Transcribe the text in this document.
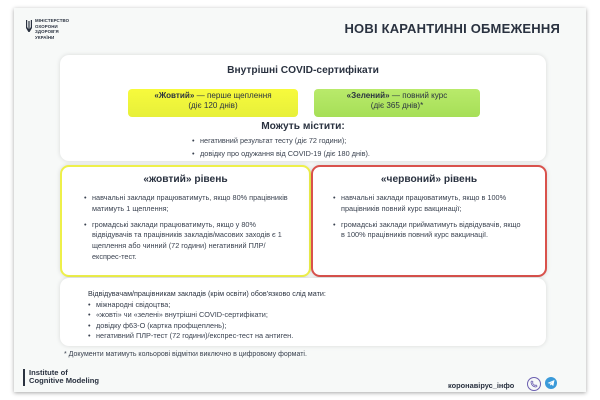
МІНІСТЕРСТВО
ОХОРОНИ
ЗДОРОВ'Я
УКРАЇНИ
НОВІ КАРАНТИННІ ОБМЕЖЕННЯ
Внутрішні COVID-сертифікати
«Жовтий» — перше щеплення
(діє 120 днів)
«Зелений» — повний курс
(діє 365 днів)*
Можуть містити:
• негативний результат тесту (діє 72 години);
• довідку про одужання від COVID-19 (діє 180 днів).
«жовтий» рівень
• навчальні заклади працюватимуть, якщо 80% працівників матимуть 1 щеплення;
• громадські заклади працюватимуть, якщо у 80% відвідувачів та працівників закладів/масових заходів є 1 щеплення або чинний (72 години) негативний ПЛР/експрес-тест.
«червоний» рівень
• навчальні заклади працюватимуть, якщо в 100% працівників повний курс вакцинації;
• громадські заклади прийматимуть відвідувачів, якщо в 100% працівників повний курс вакцинації.
Відвідувачам/працівникам закладів (крім освіти) обов'язково слід мати:
• міжнародні свідоцтва;
• «жовті» чи «зелені» внутрішні COVID-сертифікати;
• довідку ф63-О (картка профщеплень);
• негативний ПЛР-тест (72 години)/експрес-тест на антиген.
* Документи матимуть кольорові відмітки виключно в цифровому форматі.
Institute of
Cognitive Modeling
коронавірус_інфо
